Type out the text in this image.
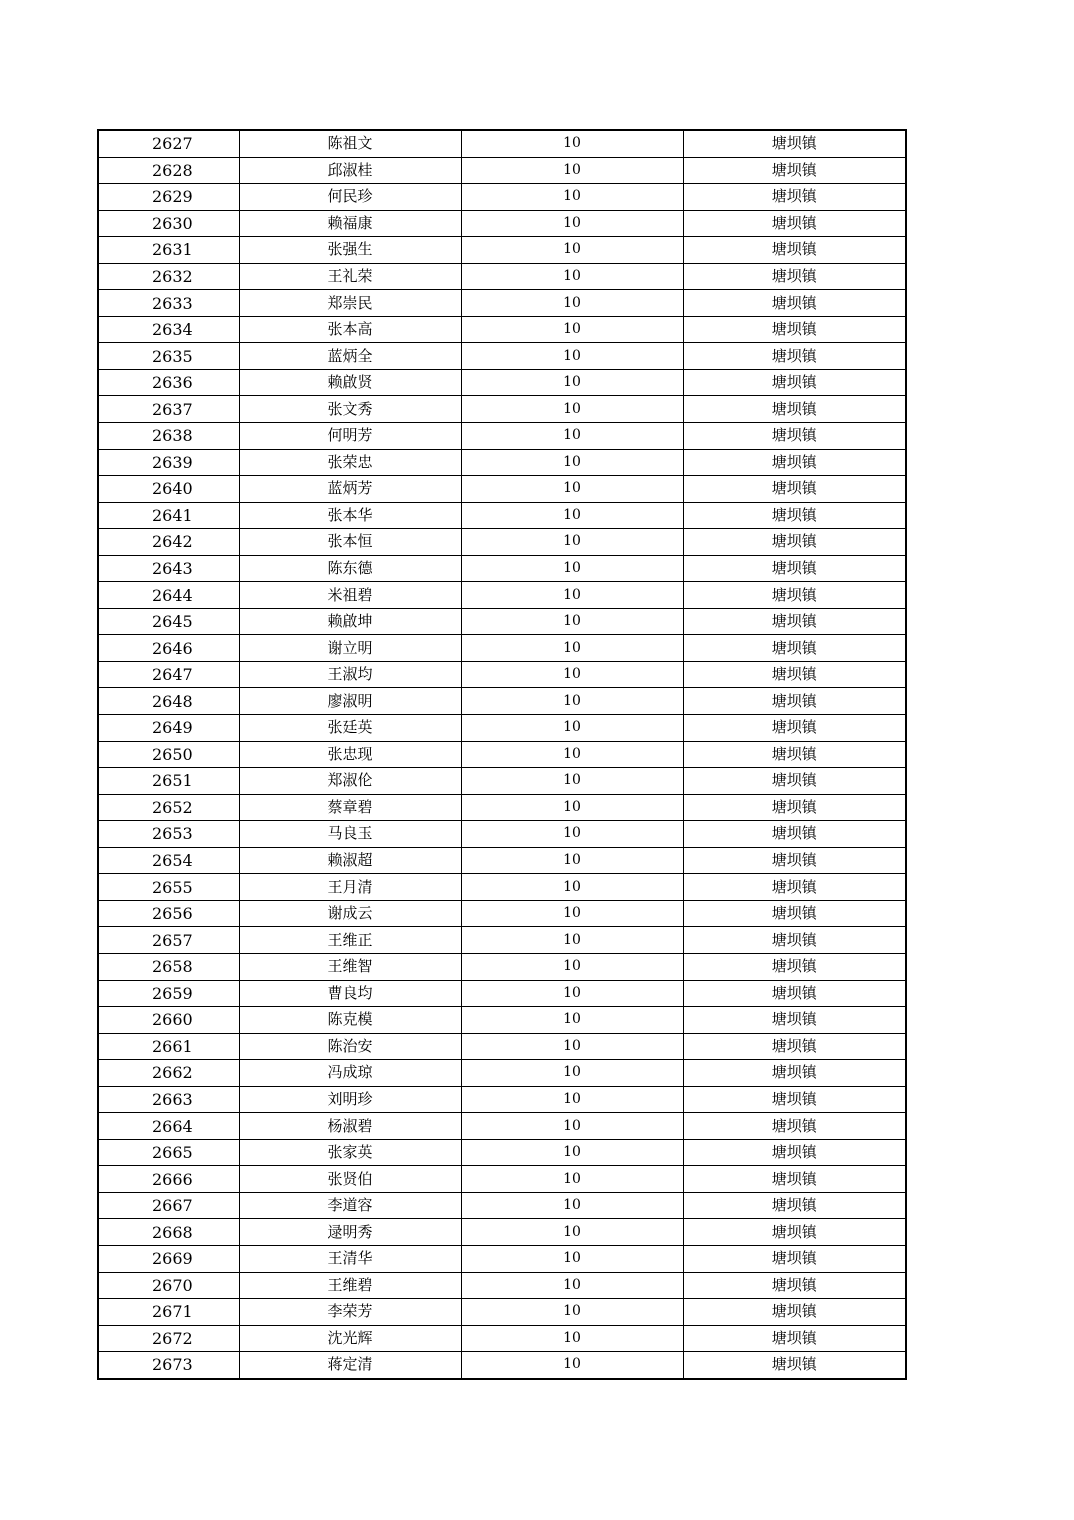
2627	陈祖文	10	塘坝镇
2628	邱淑桂	10	塘坝镇
2629	何民珍	10	塘坝镇
2630	赖福康	10	塘坝镇
2631	张强生	10	塘坝镇
2632	王礼荣	10	塘坝镇
2633	郑崇民	10	塘坝镇
2634	张本高	10	塘坝镇
2635	蓝炳全	10	塘坝镇
2636	赖啟贤	10	塘坝镇
2637	张文秀	10	塘坝镇
2638	何明芳	10	塘坝镇
2639	张荣忠	10	塘坝镇
2640	蓝炳芳	10	塘坝镇
2641	张本华	10	塘坝镇
2642	张本恒	10	塘坝镇
2643	陈东德	10	塘坝镇
2644	米祖碧	10	塘坝镇
2645	赖啟坤	10	塘坝镇
2646	谢立明	10	塘坝镇
2647	王淑均	10	塘坝镇
2648	廖淑明	10	塘坝镇
2649	张廷英	10	塘坝镇
2650	张忠现	10	塘坝镇
2651	郑淑伦	10	塘坝镇
2652	蔡章碧	10	塘坝镇
2653	马良玉	10	塘坝镇
2654	赖淑超	10	塘坝镇
2655	王月清	10	塘坝镇
2656	谢成云	10	塘坝镇
2657	王维正	10	塘坝镇
2658	王维智	10	塘坝镇
2659	曹良均	10	塘坝镇
2660	陈克模	10	塘坝镇
2661	陈治安	10	塘坝镇
2662	冯成琼	10	塘坝镇
2663	刘明珍	10	塘坝镇
2664	杨淑碧	10	塘坝镇
2665	张家英	10	塘坝镇
2666	张贤伯	10	塘坝镇
2667	李道容	10	塘坝镇
2668	逯明秀	10	塘坝镇
2669	王清华	10	塘坝镇
2670	王维碧	10	塘坝镇
2671	李荣芳	10	塘坝镇
2672	沈光辉	10	塘坝镇
2673	蒋定清	10	塘坝镇
